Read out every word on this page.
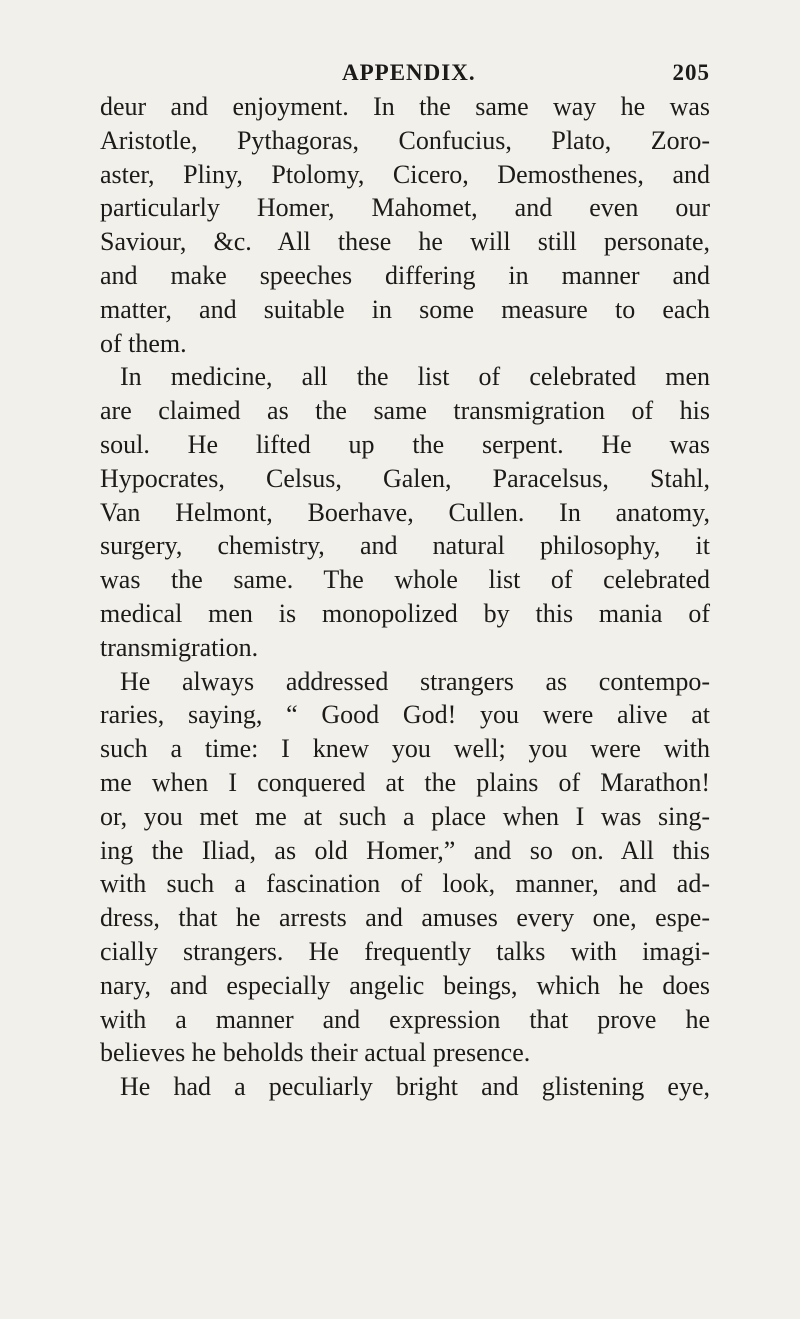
APPENDIX.	205
deur and enjoyment. In the same way he was
Aristotle, Pythagoras, Confucius, Plato, Zoro-
aster, Pliny, Ptolomy, Cicero, Demosthenes, and
particularly Homer, Mahomet, and even our
Saviour, &c. All these he will still personate,
and make speeches differing in manner and
matter, and suitable in some measure to each
of them.
In medicine, all the list of celebrated men
are claimed as the same transmigration of his
soul. He lifted up the serpent. He was
Hypocrates, Celsus, Galen, Paracelsus, Stahl,
Van Helmont, Boerhave, Cullen. In anatomy,
surgery, chemistry, and natural philosophy, it
was the same. The whole list of celebrated
medical men is monopolized by this mania of
transmigration.
He always addressed strangers as contempo-
raries, saying, “ Good God! you were alive at
such a time: I knew you well; you were with
me when I conquered at the plains of Marathon!
or, you met me at such a place when I was sing-
ing the Iliad, as old Homer,” and so on. All this
with such a fascination of look, manner, and ad-
dress, that he arrests and amuses every one, espe-
cially strangers. He frequently talks with imagi-
nary, and especially angelic beings, which he does
with a manner and expression that prove he
believes he beholds their actual presence.
He had a peculiarly bright and glistening eye,
